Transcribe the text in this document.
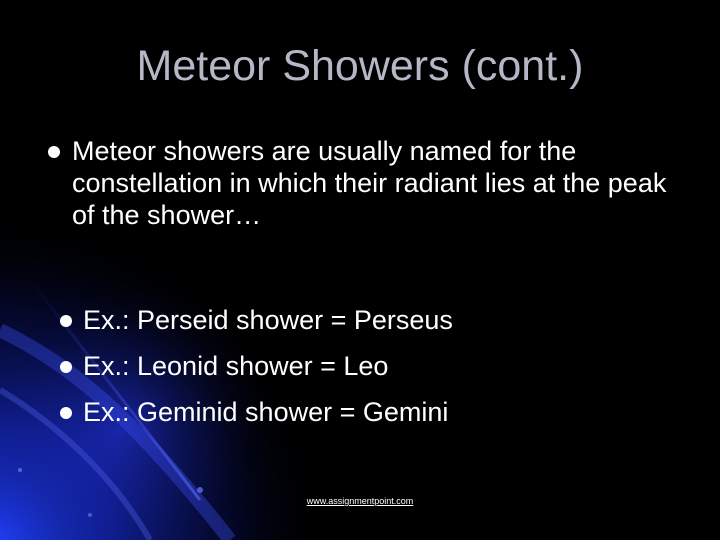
Meteor Showers (cont.)
Meteor showers are usually named for the constellation in which their radiant lies at the peak of the shower…
Ex.: Perseid shower = Perseus
Ex.: Leonid shower = Leo
Ex.: Geminid shower = Gemini
www.assignmentpoint.com
